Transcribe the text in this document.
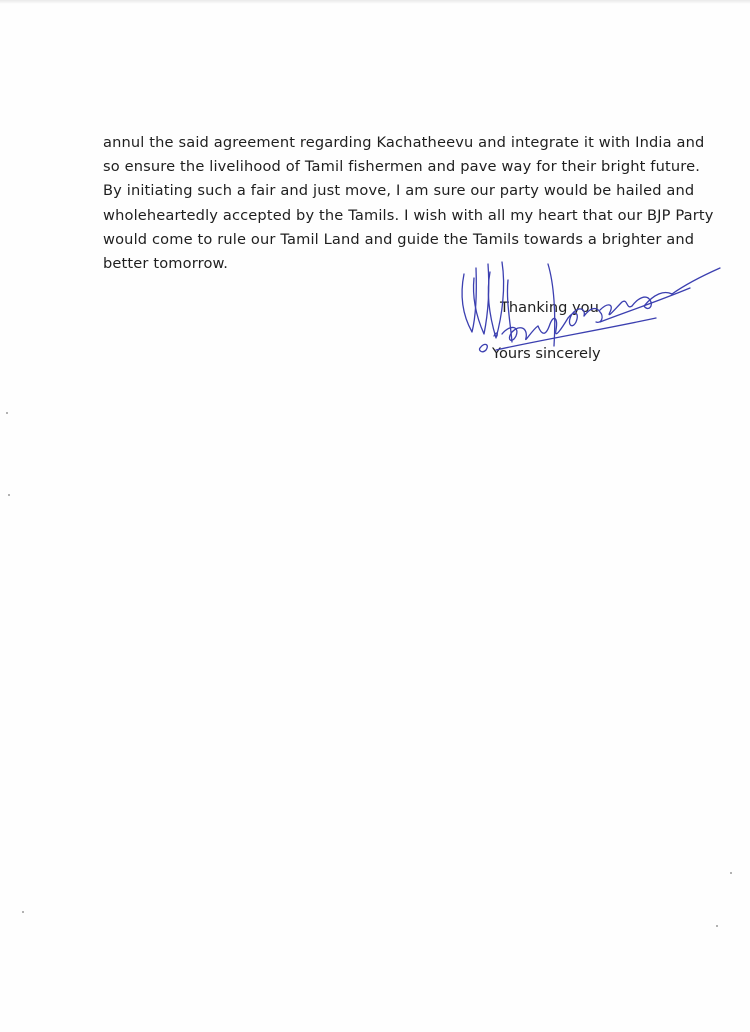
annul the said agreement regarding Kachatheevu and integrate it with India and
so ensure the livelihood of Tamil fishermen and pave way for their bright future.
By initiating such a fair and just move, I am sure our party would be hailed and
wholeheartedly accepted by the Tamils. I wish with all my heart that our BJP Party
would come to rule our Tamil Land and guide the Tamils towards a brighter and
better tomorrow.

Thanking you
Yours sincerely
